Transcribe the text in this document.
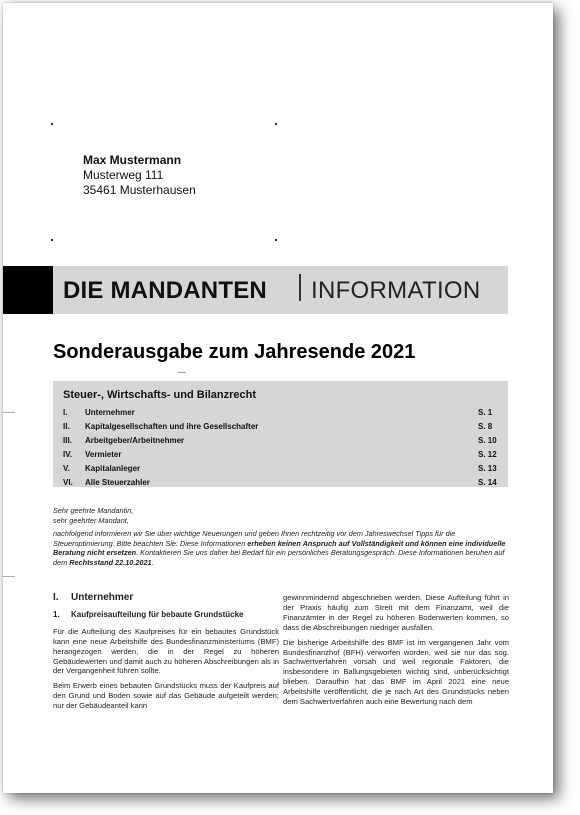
Max Mustermann
Musterweg 111
35461 Musterhausen
DIE MANDANTEN INFORMATION
Sonderausgabe zum Jahresende 2021
Steuer-, Wirtschafts- und Bilanzrecht
I. Unternehmer	S. 1
II. Kapitalgesellschaften und ihre Gesellschafter	S. 8
III. Arbeitgeber/Arbeitnehmer	S. 10
IV. Vermieter	S. 12
V. Kapitalanleger	S. 13
VI. Alle Steuerzahler	S. 14

Sehr geehrte Mandantin,

sehr geehrter Mandant,

nachfolgend informieren wir Sie über wichtige Neuerungen und geben Ihnen rechtzeitig vor dem Jahreswechsel Tipps für die Steueroptimierung. Bitte beachten Sie: Diese Informationen erheben keinen Anspruch auf Vollständigkeit und können eine individuelle Beratung nicht ersetzen. Kontaktieren Sie uns daher bei Bedarf für ein persönliches Beratungsgespräch. Diese Informationen beruhen auf dem Rechtsstand 22.10.2021.

I. Unternehmer
1.	Kaufpreisaufteilung für bebaute Grundstücke

Für die Aufteilung des Kaufpreises für ein bebautes Grundstück kann eine neue Arbeitshilfe des Bundesfinanzministeriums (BMF) herangezogen werden, die in der Regel zu höheren Gebäudewerten und damit auch zu höheren Abschreibungen als in der Vergangenheit führen sollte.

Beim Erwerb eines bebauten Grundstücks muss der Kaufpreis auf den Grund und Boden sowie auf das Gebäude aufgeteilt werden; nur der Gebäudeanteil kann

gewinnmindernd abgeschrieben werden. Diese Aufteilung führt in der Praxis häufig zum Streit mit dem Finanzamt, weil die Finanzämter in der Regel zu höheren Bodenwerten kommen, so dass die Abschreibungen niedriger ausfallen.

Die bisherige Arbeitshilfe des BMF ist im vergangenen Jahr vom Bundesfinanzhof (BFH) verworfen worden, weil sie nur das sog. Sachwertverfahren vorsah und weil regionale Faktoren, die insbesondere in Ballungsgebieten wichtig sind, unberücksichtigt blieben. Daraufhin hat das BMF im April 2021 eine neue Arbeitshilfe veröffentlicht, die je nach Art des Grundstücks neben dem Sachwertverfahren auch eine Bewertung nach dem
